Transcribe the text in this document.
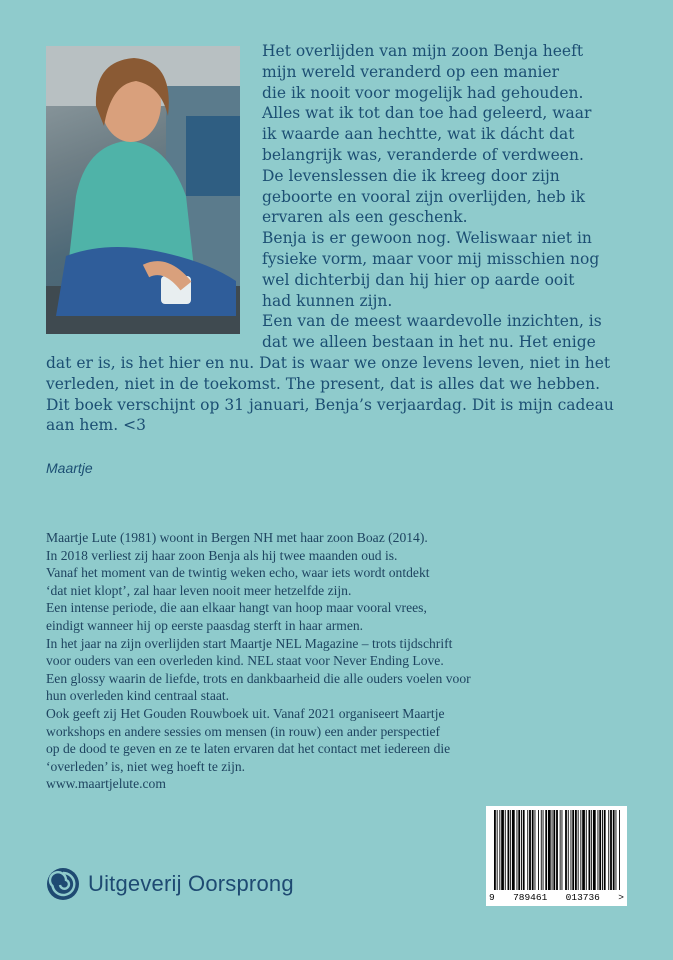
Het overlijden van mijn zoon Benja heeft
mijn wereld veranderd op een manier
die ik nooit voor mogelijk had gehouden.
Alles wat ik tot dan toe had geleerd, waar
ik waarde aan hechtte, wat ik dácht dat
belangrijk was, veranderde of verdween.
De levenslessen die ik kreeg door zijn
geboorte en vooral zijn overlijden, heb ik
ervaren als een geschenk.
Benja is er gewoon nog. Weliswaar niet in
fysieke vorm, maar voor mij misschien nog
wel dichterbij dan hij hier op aarde ooit
had kunnen zijn.
Een van de meest waardevolle inzichten, is
dat we alleen bestaan in het nu. Het enige
dat er is, is het hier en nu. Dat is waar we onze levens leven, niet in het
verleden, niet in de toekomst. The present, dat is alles dat we hebben.
Dit boek verschijnt op 31 januari, Benja’s verjaardag. Dit is mijn cadeau
aan hem. <3
Maartje
Maartje Lute (1981) woont in Bergen NH met haar zoon Boaz (2014).
In 2018 verliest zij haar zoon Benja als hij twee maanden oud is.
Vanaf het moment van de twintig weken echo, waar iets wordt ontdekt
‘dat niet klopt’, zal haar leven nooit meer hetzelfde zijn.
Een intense periode, die aan elkaar hangt van hoop maar vooral vrees,
eindigt wanneer hij op eerste paasdag sterft in haar armen.
In het jaar na zijn overlijden start Maartje NEL Magazine – trots tijdschrift
voor ouders van een overleden kind. NEL staat voor Never Ending Love.
Een glossy waarin de liefde, trots en dankbaarheid die alle ouders voelen voor
hun overleden kind centraal staat.
Ook geeft zij Het Gouden Rouwboek uit. Vanaf 2021 organiseert Maartje
workshops en andere sessies om mensen (in rouw) een ander perspectief
op de dood te geven en ze te laten ervaren dat het contact met iedereen die
‘overleden’ is, niet weg hoeft te zijn.
www.maartjelute.com
Uitgeverij Oorsprong
9 789461 013736 >
